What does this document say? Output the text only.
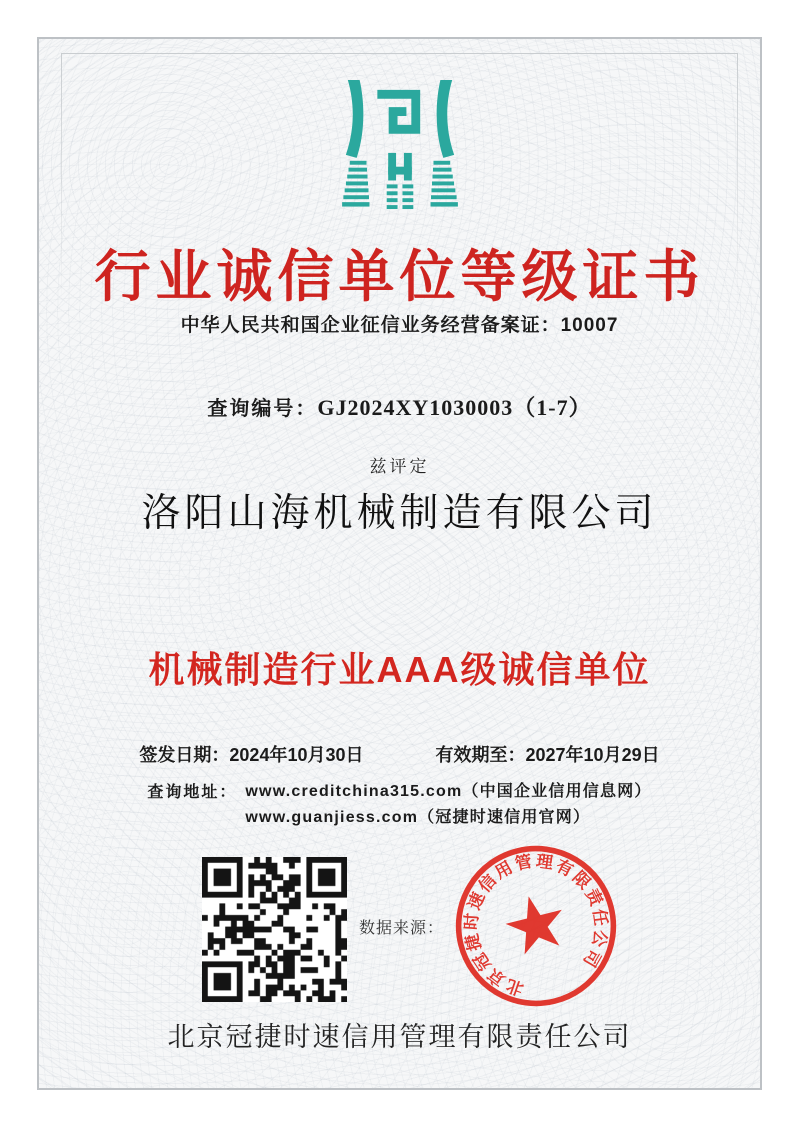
行业诚信单位等级证书
中华人民共和国企业征信业务经营备案证：10007
查询编号：GJ2024XY1030003（1-7）
兹评定
洛阳山海机械制造有限公司
机械制造行业AAA级诚信单位
签发日期：2024年10月30日	有效期至：2027年10月29日
查询地址： www.creditchina315.com（中国企业信用信息网）
www.guanjiess.com（冠捷时速信用官网）
数据来源：
北京冠捷时速信用管理有限责任公司
北京冠捷时速信用管理有限责任公司
